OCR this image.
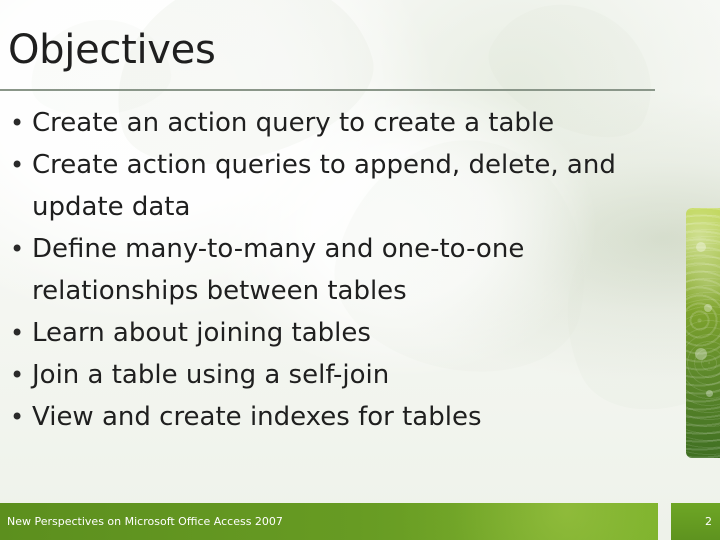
Objectives
• Create an action query to create a table
• Create action queries to append, delete, and update data
• Define many-to-many and one-to-one relationships between tables
• Learn about joining tables
• Join a table using a self-join
• View and create indexes for tables
New Perspectives on Microsoft Office Access 2007	2
